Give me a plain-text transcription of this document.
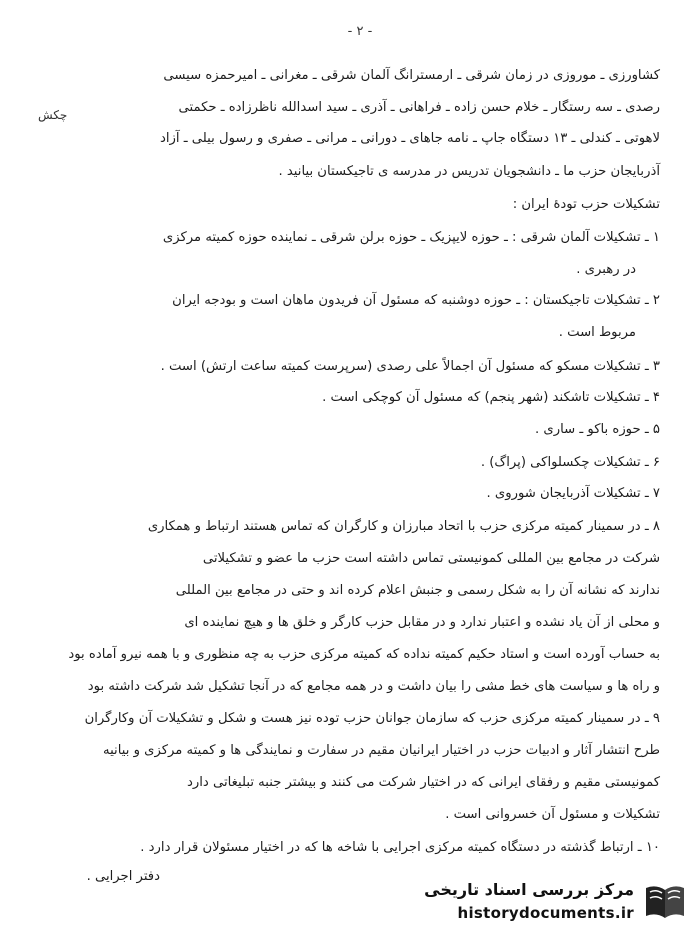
- ۲ -
چکش
کشاورزی ـ موروزی در زمان شرقی ـ ارمسترانگ آلمان شرقی ـ مغرانی ـ امیرحمزه سیسی
رصدی ـ سه رستگار ـ خلام حسن زاده ـ فراهانی ـ آذری ـ سید اسدالله ناظرزاده ـ حکمتی
لاهوتی ـ کندلی ـ ۱۳ دستگاه جاپ ـ نامه جاهای ـ دورانی ـ مرانی ـ صفری و رسول بیلی ـ آزاد
آذربایجان حزب ما ـ دانشجویان تدریس در مدرسه ی تاجیکستان بیانید .
تشکیلات حزب تودهٔ ایران :
۱ ـ تشکیلات آلمان شرقی : ـ حوزه لایپزیک ـ حوزه برلن شرقی ـ نماینده حوزه کمیته مرکزی
در رهبری .
۲ ـ تشکیلات تاجیکستان : ـ حوزه دوشنبه که مسئول آن فریدون ماهان است و بودجه ایران
مربوط است .
۳ ـ تشکیلات مسکو که مسئول آن اجمالاً علی رصدی (سرپرست کمیته ساعت ارتش) است .
۴ ـ تشکیلات تاشکند (شهر پنجم) که مسئول آن کوچکی است .
۵ ـ حوزه باکو ـ ساری .
۶ ـ تشکیلات چکسلواکی (پراگ) .
۷ ـ تشکیلات آذربایجان شوروی .
۸ ـ در سمینار کمیته مرکزی حزب با اتحاد مبارزان و کارگران که تماس هستند ارتباط و همکاری
شرکت در مجامع بین المللی کمونیستی تماس داشته است حزب ما عضو و تشکیلاتی
ندارند که نشانه آن را به شکل رسمی و جنبش اعلام کرده اند و حتی در مجامع بین المللی
و محلی از آن یاد نشده و اعتبار ندارد و در مقابل حزب کارگر و خلق ها و هیچ نماینده ای
به حساب آورده است و استاد حکیم کمیته نداده که کمیته مرکزی حزب به چه منظوری و با همه نیرو آماده بود
و راه ها و سیاست های خط مشی را بیان داشت و در همه مجامع که در آنجا تشکیل شد شرکت داشته بود
۹ ـ در سمینار کمیته مرکزی حزب که سازمان جوانان حزب توده نیز هست و شکل و تشکیلات آن وکارگران
طرح انتشار آثار و ادبیات حزب در اختیار ایرانیان مقیم در سفارت و نمایندگی ها و کمیته مرکزی و بیانیه
کمونیستی مقیم و رفقای ایرانی که در اختیار شرکت می کنند و بیشتر جنبه تبلیغاتی دارد
تشکیلات و مسئول آن خسروانی است .
۱۰ ـ ارتباط گذشته در دستگاه کمیته مرکزی اجرایی با شاخه ها که در اختیار مسئولان قرار دارد .
دفتر اجرایی .
مرکز بررسی اسناد تاریخی
historydocuments.ir
